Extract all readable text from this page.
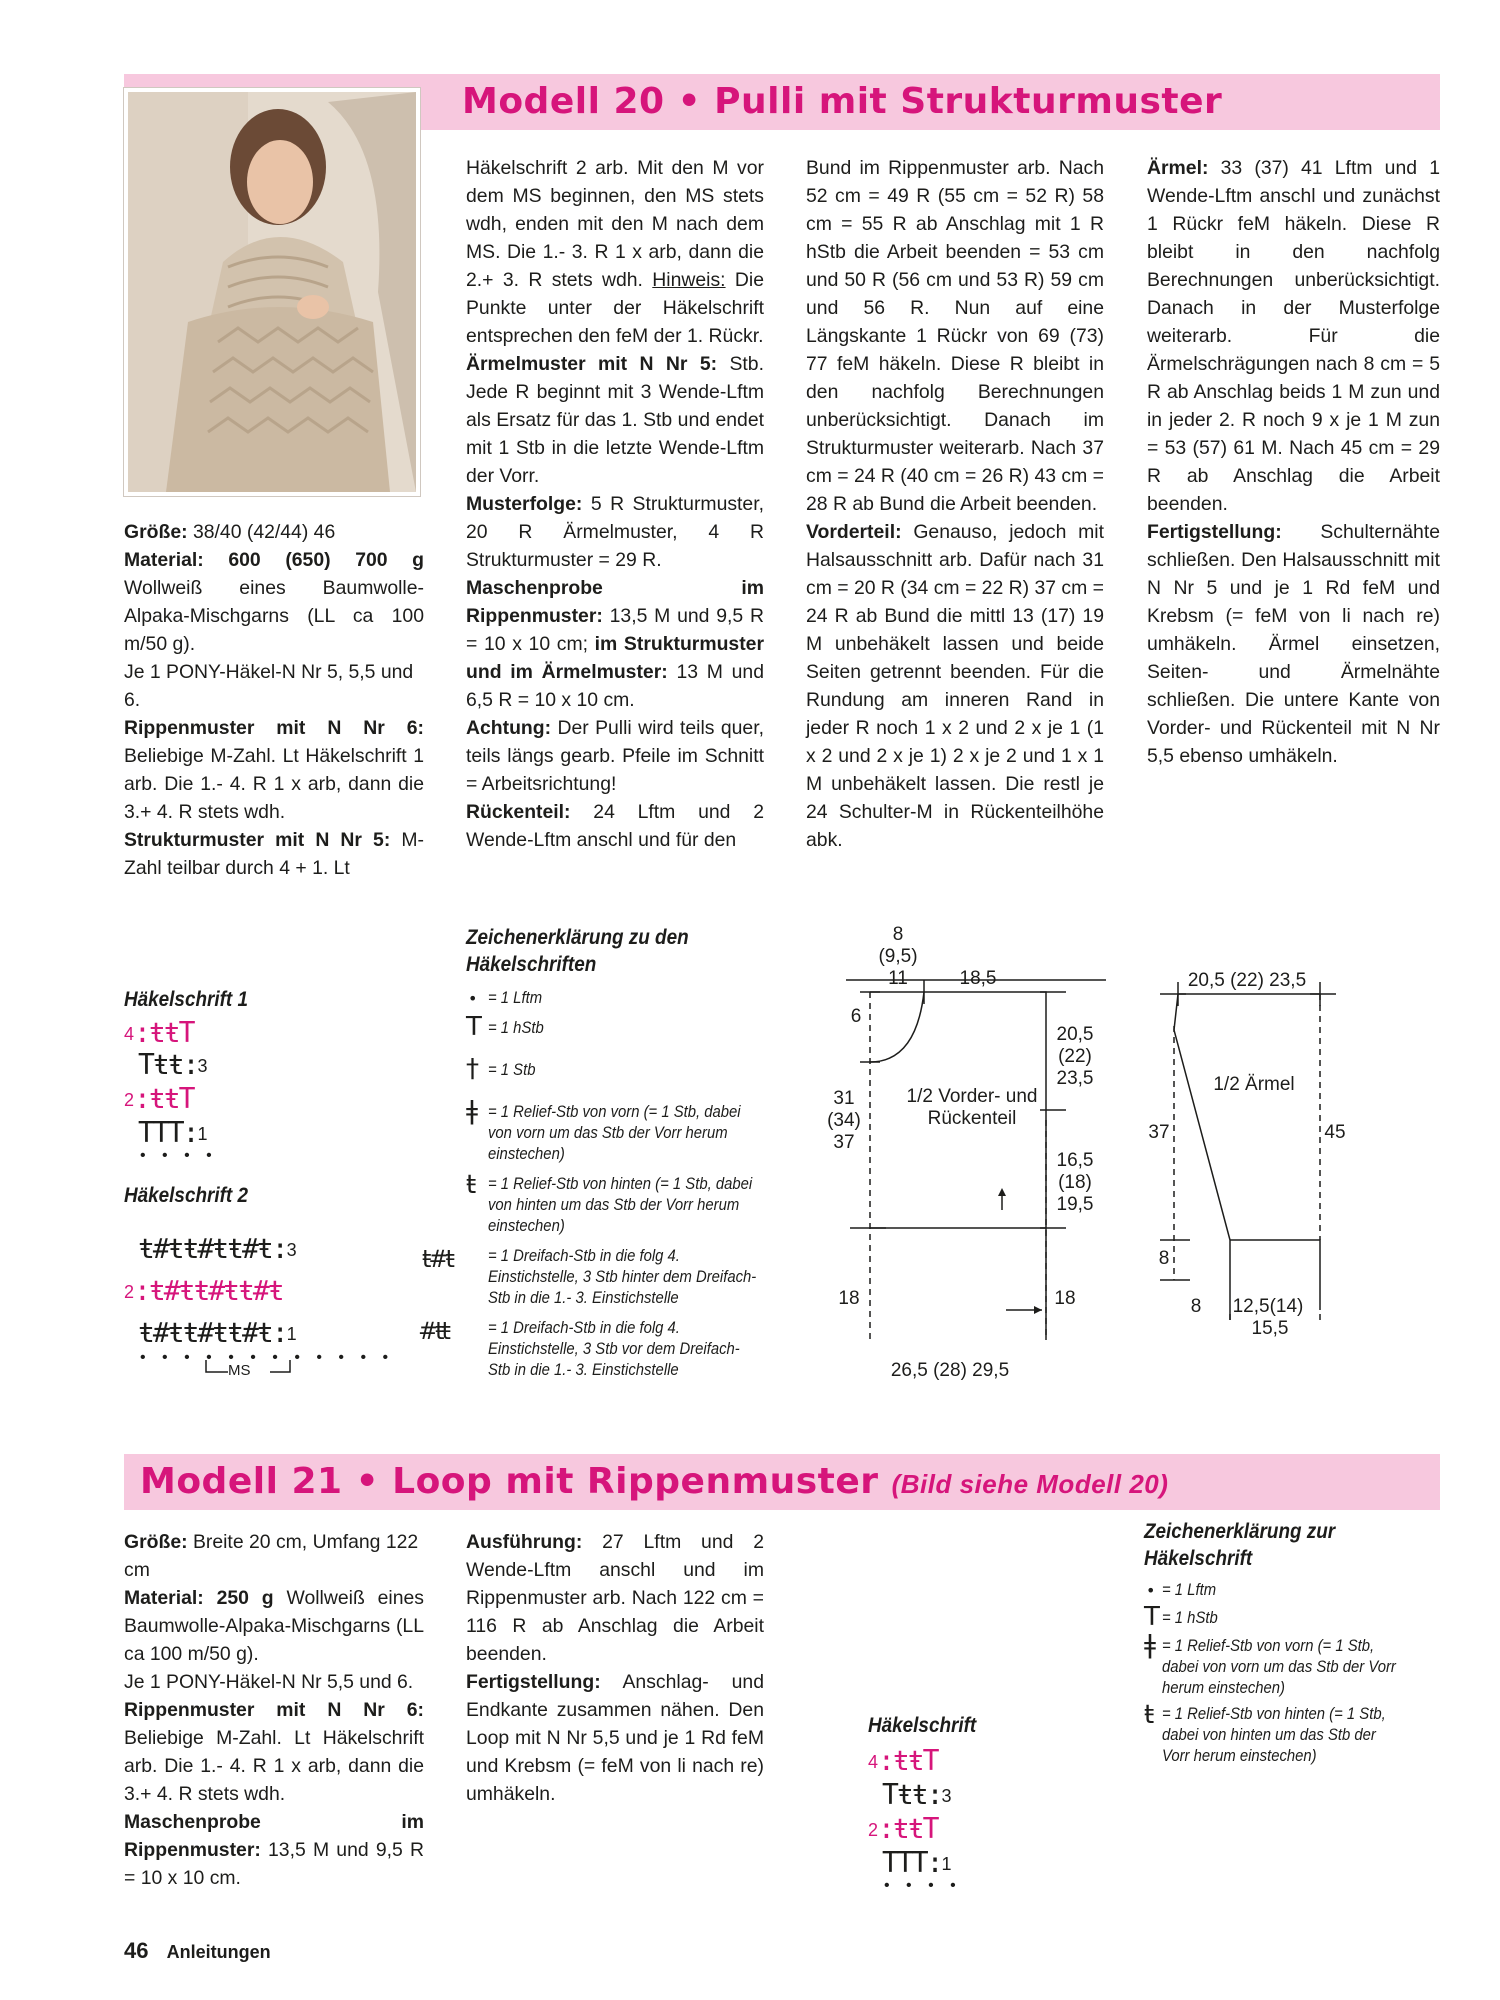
Modell 20 • Pulli mit Strukturmuster

Größe: 38/40 (42/44) 46

Material: 600 (650) 700 g Wollweiß eines Baumwolle-Alpaka-Mischgarns (LL ca 100 m/50 g).

Je 1 PONY-Häkel-N Nr 5, 5,5 und 6.

Rippenmuster mit N Nr 6: Beliebige M-Zahl. Lt Häkelschrift 1 arb. Die 1.- 4. R 1 x arb, dann die 3.+ 4. R stets wdh.

Strukturmuster mit N Nr 5: M-Zahl teilbar durch 4 + 1. Lt

Häkelschrift 2 arb. Mit den M vor dem MS beginnen, den MS stets wdh, enden mit den M nach dem MS. Die 1.- 3. R 1 x arb, dann die 2.+ 3. R stets wdh. Hinweis: Die Punkte unter der Häkelschrift entsprechen den feM der 1. Rückr.

Ärmelmuster mit N Nr 5: Stb. Jede R beginnt mit 3 Wende-Lftm als Ersatz für das 1. Stb und endet mit 1 Stb in die letzte Wende-Lftm der Vorr.

Musterfolge: 5 R Strukturmuster, 20 R Ärmelmuster, 4 R Strukturmuster = 29 R.

Maschenprobe im Rippenmuster: 13,5 M und 9,5 R = 10 x 10 cm; im Strukturmuster und im Ärmelmuster: 13 M und 6,5 R = 10 x 10 cm.

Achtung: Der Pulli wird teils quer, teils längs gearb. Pfeile im Schnitt = Arbeitsrichtung!

Rückenteil: 24 Lftm und 2 Wende-Lftm anschl und für den

Bund im Rippenmuster arb. Nach 52 cm = 49 R (55 cm = 52 R) 58 cm = 55 R ab Anschlag mit 1 R hStb die Arbeit beenden = 53 cm und 50 R (56 cm und 53 R) 59 cm und 56 R. Nun auf eine Längskante 1 Rückr von 69 (73) 77 feM häkeln. Diese R bleibt in den nachfolg Berechnungen unberücksichtigt. Danach im Strukturmuster weiterarb. Nach 37 cm = 24 R (40 cm = 26 R) 43 cm = 28 R ab Bund die Arbeit beenden.

Vorderteil: Genauso, jedoch mit Halsausschnitt arb. Dafür nach 31 cm = 20 R (34 cm = 22 R) 37 cm = 24 R ab Bund die mittl 13 (17) 19 M unbehäkelt lassen und beide Seiten getrennt beenden. Für die Rundung am inneren Rand in jeder R noch 1 x 2 und 2 x je 1 (1 x 2 und 2 x je 1) 2 x je 2 und 1 x 1 M unbehäkelt lassen. Die restl je 24 Schulter-M in Rückenteilhöhe abk.

Ärmel: 33 (37) 41 Lftm und 1 Wende-Lftm anschl und zunächst 1 Rückr feM häkeln. Diese R bleibt in den nachfolg Berechnungen unberücksichtigt. Danach in der Musterfolge weiterarb. Für die Ärmelschrägungen nach 8 cm = 5 R ab Anschlag beids 1 M zun und in jeder 2. R noch 9 x je 1 M zun = 53 (57) 61 M. Nach 45 cm = 29 R ab Anschlag die Arbeit beenden.

Fertigstellung: Schulternähte schließen. Den Halsausschnitt mit N Nr 5 und je 1 Rd feM und Krebsm (= feM von li nach re) umhäkeln. Ärmel einsetzen, Seiten- und Ärmelnähte schließen. Die untere Kante von Vorder- und Rückenteil mit N Nr 5,5 ebenso umhäkeln.

Häkelschrift 1
4:ŧŧΤ
Τŧŧ:3
2:ŧŧΤ
ΤΤΤ:1
• • • •
Häkelschrift 2
ŧ#ŧŧ#ŧŧ#ŧ:3
2:ŧ#ŧŧ#ŧŧ#ŧ
ŧ#ŧŧ#ŧŧ#ŧ:1
• • • • • • • • • • • •
MS
Zeichenerklärung zu den Häkelschriften
• = 1 Lftm
Τ = 1 hStb
† = 1 Stb
ǂ = 1 Relief-Stb von vorn (= 1 Stb, dabei von vorn um das Stb der Vorr herum einstechen)
ŧ = 1 Relief-Stb von hinten (= 1 Stb, dabei von hinten um das Stb der Vorr herum einstechen)
ŧ#ŧ = 1 Dreifach-Stb in die folg 4. Einstichstelle, 3 Stb hinter dem Dreifach-Stb in die 1.- 3. Einstichstelle
#ŧŧ = 1 Dreifach-Stb in die folg 4. Einstichstelle, 3 Stb vor dem Dreifach-Stb in die 1.- 3. Einstichstelle
8
(9,5)
11	18,5
6
31
(34)
37
1/2 Vorder- und Rückenteil
20,5
(22)
23,5
16,5
(18)
19,5
18	18
26,5 (28) 29,5
20,5 (22) 23,5
1/2 Ärmel
37	45
8
8 12,5(14)
15,5
Modell 21 • Loop mit Rippenmuster (Bild siehe Modell 20)

Größe: Breite 20 cm, Umfang 122 cm

Material: 250 g Wollweiß eines Baumwolle-Alpaka-Mischgarns (LL ca 100 m/50 g).

Je 1 PONY-Häkel-N Nr 5,5 und 6.

Rippenmuster mit N Nr 6: Beliebige M-Zahl. Lt Häkelschrift arb. Die 1.- 4. R 1 x arb, dann die 3.+ 4. R stets wdh.

Maschenprobe im Rippenmuster: 13,5 M und 9,5 R = 10 x 10 cm.

Ausführung: 27 Lftm und 2 Wende-Lftm anschl und im Rippenmuster arb. Nach 122 cm = 116 R ab Anschlag die Arbeit beenden.

Fertigstellung: Anschlag- und Endkante zusammen nähen. Den Loop mit N Nr 5,5 und je 1 Rd feM und Krebsm (= feM von li nach re) umhäkeln.

Häkelschrift
4:ŧŧΤ
Τŧŧ:3
2:ŧŧΤ
ΤΤΤ:1
• • • •
Zeichenerklärung zur Häkelschrift
• = 1 Lftm
Τ = 1 hStb
ǂ = 1 Relief-Stb von vorn (= 1 Stb, dabei von vorn um das Stb der Vorr herum einstechen)
ŧ = 1 Relief-Stb von hinten (= 1 Stb, dabei von hinten um das Stb der Vorr herum einstechen)
46 Anleitungen
